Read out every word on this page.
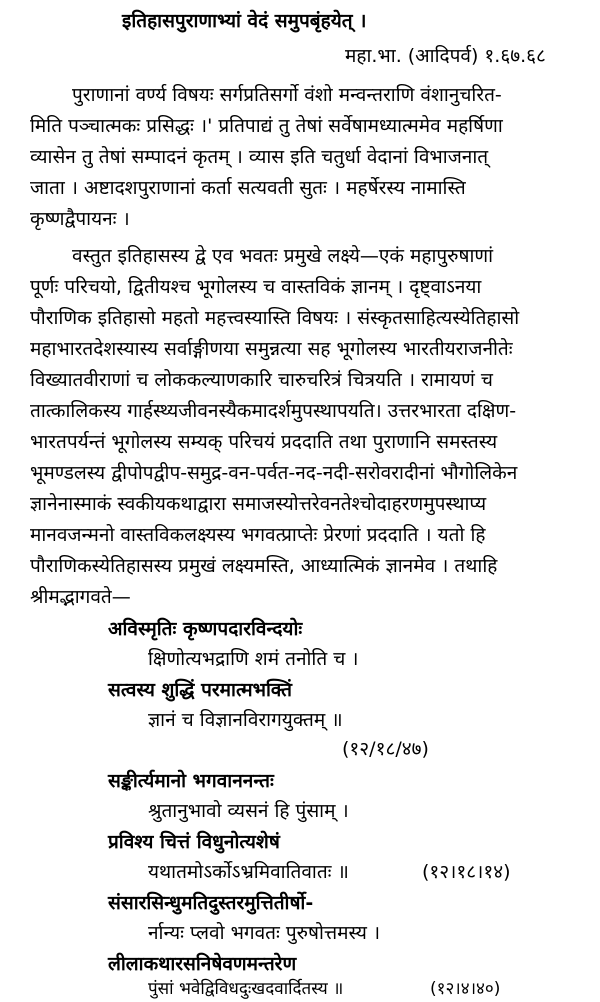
इतिहासपुराणाभ्यां वेदं समुपबृंहयेत् ।
महा.भा. (आदिपर्व) १.६७.६८
पुराणानां वर्ण्य विषयः सर्गप्रतिसर्गो वंशो मन्वन्तराणि वंशानुचरित-
मिति पञ्चात्मकः प्रसिद्धः ।' प्रतिपाद्यं तु तेषां सर्वेषामध्यात्ममेव महर्षिणा
व्यासेन तु तेषां सम्पादनं कृतम् । व्यास इति चतुर्धा वेदानां विभाजनात्
जाता । अष्टादशपुराणानां कर्ता सत्यवती सुतः । महर्षेरस्य नामास्ति
कृष्णद्वैपायनः ।
वस्तुत इतिहासस्य द्वे एव भवतः प्रमुखे लक्ष्ये—एकं महापुरुषाणां
पूर्णः परिचयो, द्वितीयश्च भूगोलस्य च वास्तविकं ज्ञानम् । दृष्ट्वाऽनया
पौराणिक इतिहासो महतो महत्त्वस्यास्ति विषयः । संस्कृतसाहित्यस्येतिहासो
महाभारतदेशस्यास्य सर्वाङ्गीणया समुन्नत्या सह भूगोलस्य भारतीयराजनीतेः
विख्यातवीराणां च लोककल्याणकारि चारुचरित्रं चित्रयति । रामायणं च
तात्कालिकस्य गार्हस्थ्यजीवनस्यैकमादर्शमुपस्थापयति। उत्तरभारता दक्षिण-
भारतपर्यन्तं भूगोलस्य सम्यक् परिचयं प्रददाति तथा पुराणानि समस्तस्य
भूमण्डलस्य द्वीपोपद्वीप-समुद्र-वन-पर्वत-नद-नदी-सरोवरादीनां भौगोलिकेन
ज्ञानेनास्माकं स्वकीयकथाद्वारा समाजस्योत्तरेवनतेश्चोदाहरणमुपस्थाप्य
मानवजन्मनो वास्तविकलक्ष्यस्य भगवत्प्राप्तेः प्रेरणां प्रददाति । यतो हि
पौराणिकस्येतिहासस्य प्रमुखं लक्ष्यमस्ति, आध्यात्मिकं ज्ञानमेव । तथाहि
श्रीमद्भागवते—
अविस्मृतिः कृष्णपदारविन्दयोः
क्षिणोत्यभद्राणि शमं तनोति च ।
सत्वस्य शुद्धिं परमात्मभक्तिं
ज्ञानं च विज्ञानविरागयुक्तम् ॥
(१२/१८/४७)
सङ्कीर्त्यमानो भगवाननन्तः
श्रुतानुभावो व्यसनं हि पुंसाम् ।
प्रविश्य चित्तं विधुनोत्यशेषं
यथातमोऽर्कोऽभ्रमिवातिवातः ॥	(१२।१८।१४)
संसारसिन्धुमतिदुस्तरमुत्तितीर्षो-
र्नान्यः प्लवो भगवतः पुरुषोत्तमस्य ।
लीलाकथारसनिषेवणमन्तरेण
पुंसां भवेद्विविधदुःखदवार्दितस्य ॥	(१२।४।४०)
